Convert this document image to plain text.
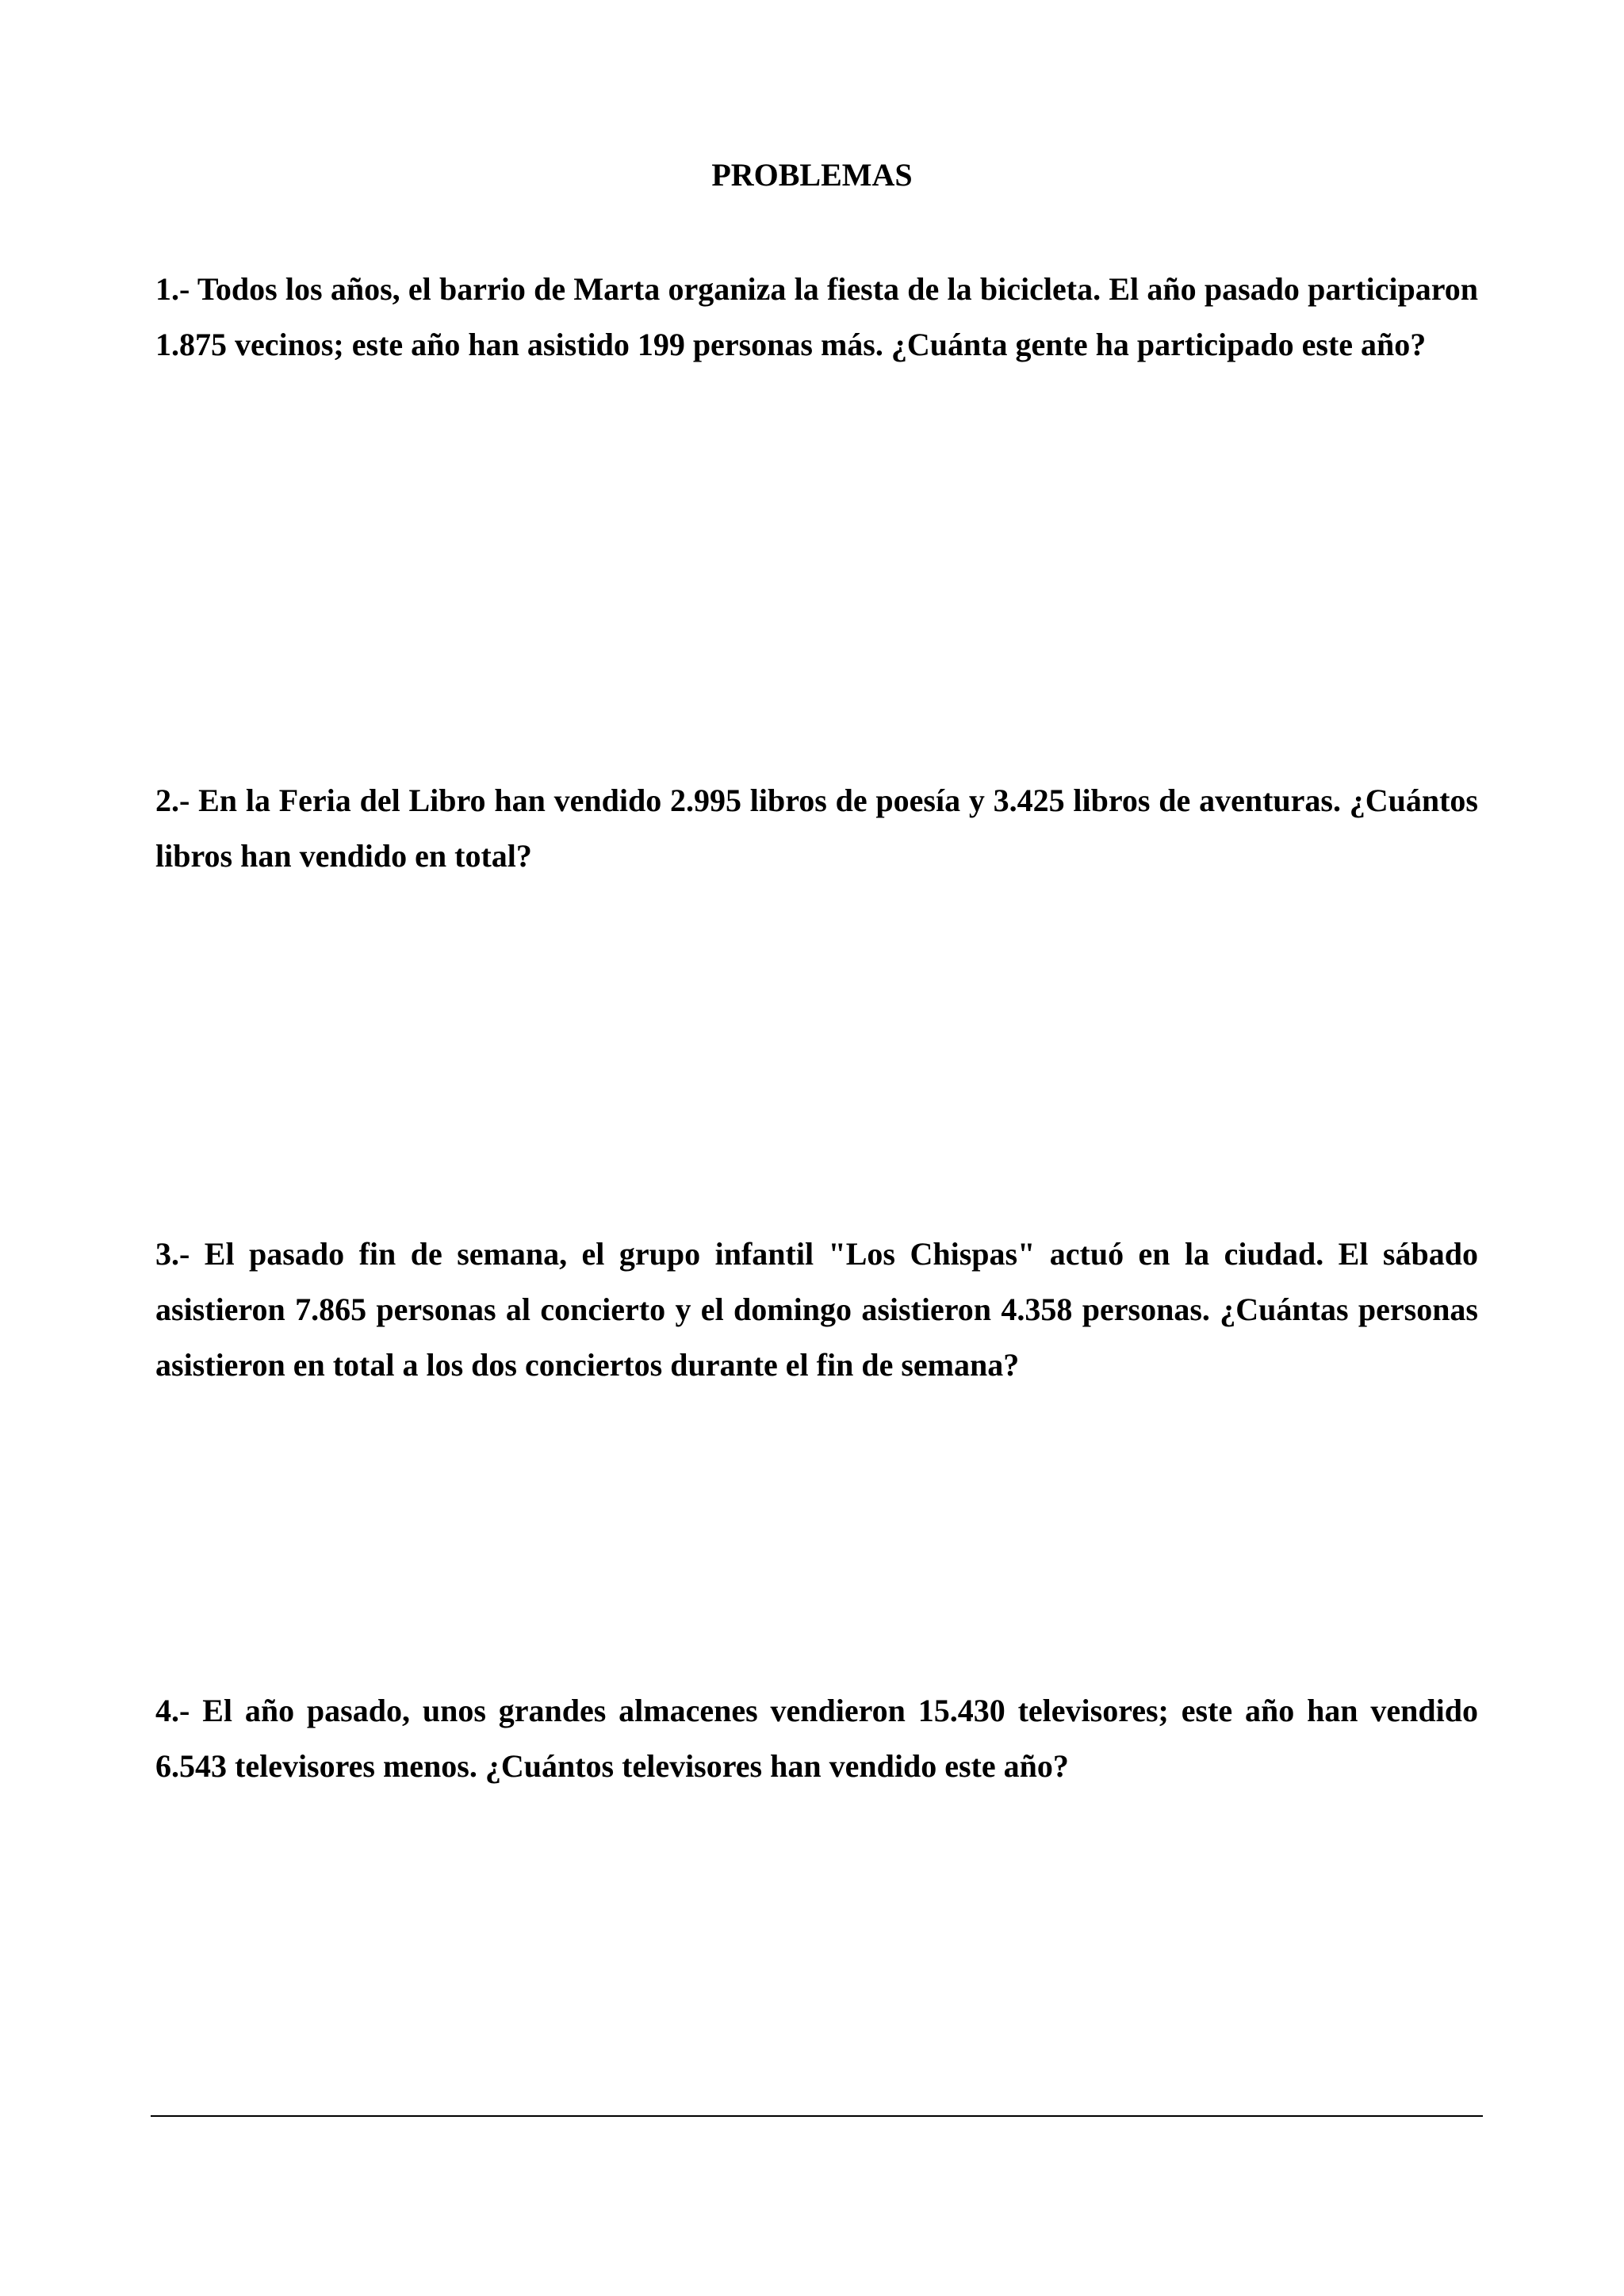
PROBLEMAS

1.- Todos los años, el barrio de Marta organiza la fiesta de la bicicleta. El año pasado participaron 1.875 vecinos; este año han asistido 199 personas más. ¿Cuánta gente ha participado este año?

2.- En la Feria del Libro han vendido 2.995 libros de poesía y 3.425 libros de aventuras. ¿Cuántos libros han vendido en total?

3.- El pasado fin de semana, el grupo infantil "Los Chispas" actuó en la ciudad. El sábado asistieron 7.865 personas al concierto y el domingo asistieron 4.358 personas. ¿Cuántas personas asistieron en total a los dos conciertos durante el fin de semana?

4.- El año pasado, unos grandes almacenes vendieron 15.430 televisores; este año han vendido 6.543 televisores menos. ¿Cuántos televisores han vendido este año?
